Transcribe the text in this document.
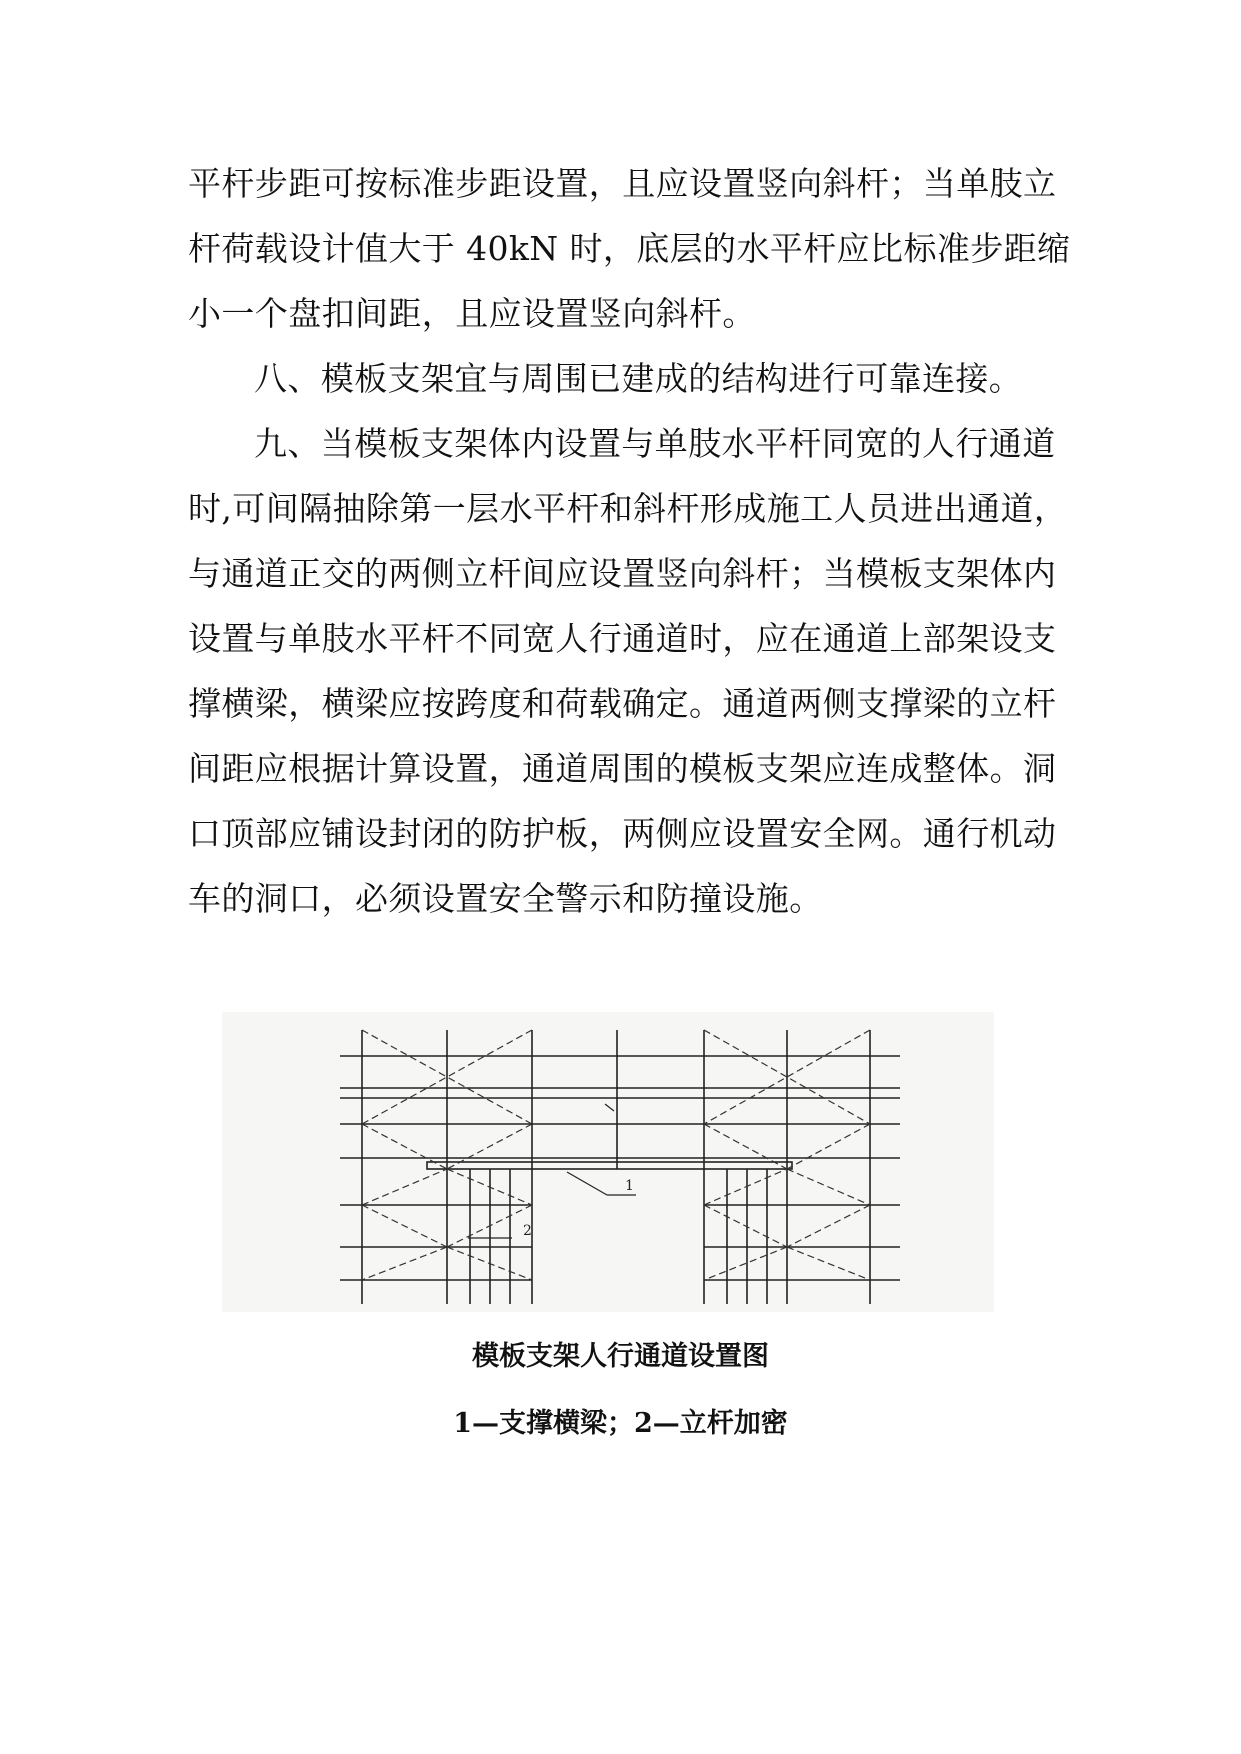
平杆步距可按标准步距设置，且应设置竖向斜杆；当单肢立
杆荷载设计值大于 40kN 时，底层的水平杆应比标准步距缩
小一个盘扣间距，且应设置竖向斜杆。
八、模板支架宜与周围已建成的结构进行可靠连接。
九、当模板支架体内设置与单肢水平杆同宽的人行通道
时,可间隔抽除第一层水平杆和斜杆形成施工人员进出通道，
与通道正交的两侧立杆间应设置竖向斜杆；当模板支架体内
设置与单肢水平杆不同宽人行通道时，应在通道上部架设支
撑横梁，横梁应按跨度和荷载确定。通道两侧支撑梁的立杆
间距应根据计算设置，通道周围的模板支架应连成整体。洞
口顶部应铺设封闭的防护板，两侧应设置安全网。通行机动
车的洞口，必须设置安全警示和防撞设施。
1
2
模板支架人行通道设置图
1—支撑横梁；2—立杆加密
